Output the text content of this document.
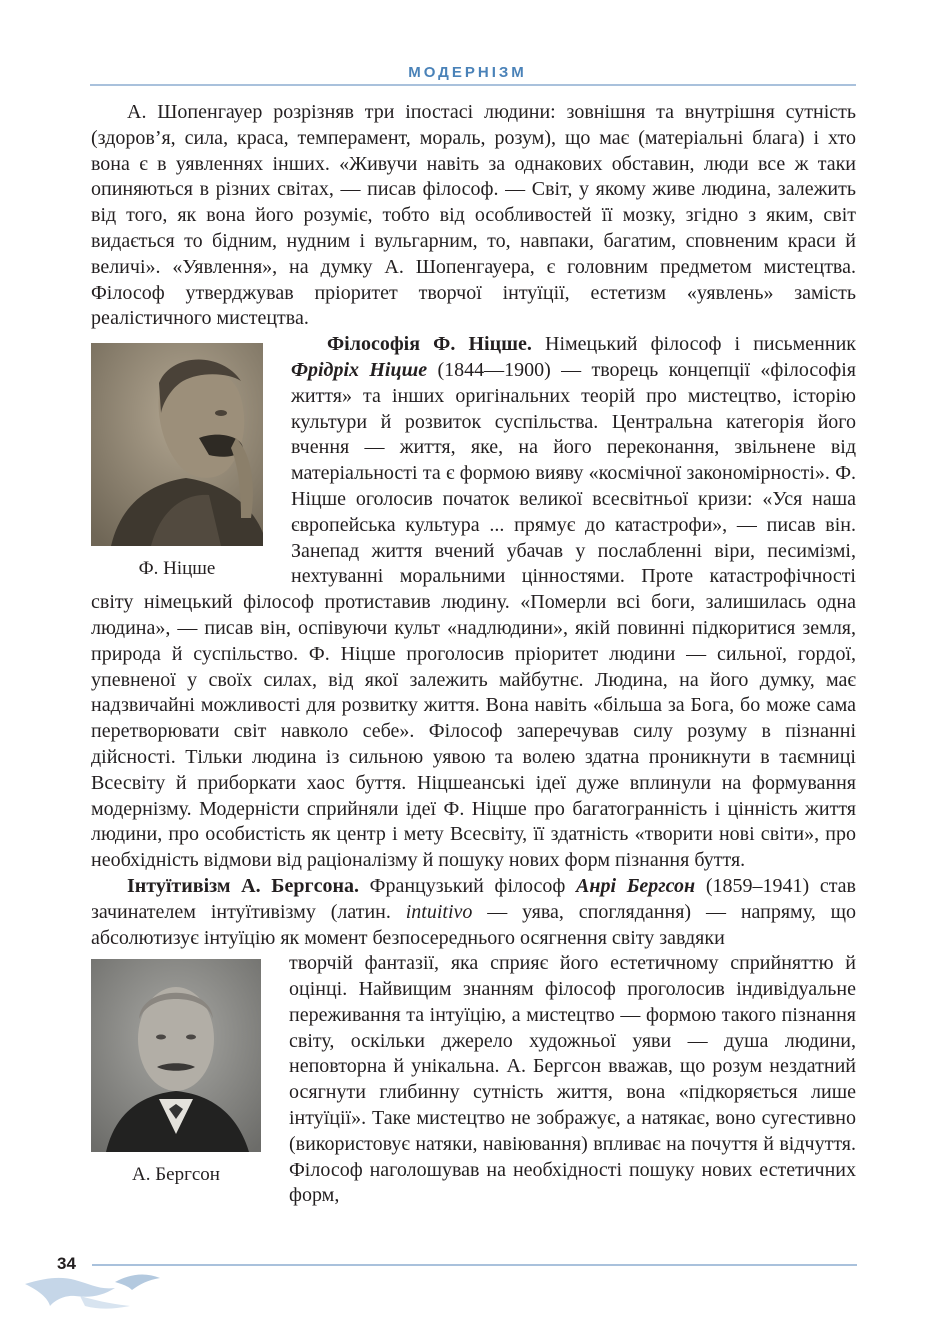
МОДЕРНІЗМ

А. Шопенгауер розрізняв три іпостасі людини: зовнішня та внутрішня сутність (здоров’я, сила, краса, темперамент, мораль, розум), що має (матеріальні блага) і хто вона є в уявленнях інших. «Живучи навіть за однакових обставин, люди все ж таки опиняються в різних світах, — писав філософ. — Світ, у якому живе людина, залежить від того, як вона його розуміє, тобто від особливостей її мозку, згідно з яким, світ видається то бідним, нудним і вульгарним, то, навпаки, багатим, сповненим краси й величі». «Уявлення», на думку А. Шопенгауера, є головним предметом мистецтва. Філософ утверджував пріоритет творчої інтуїції, естетизм «уявлень» замість реалістичного мистецтва.

Ф. Ніцше

Філософія Ф. Ніцше. Німецький філософ і письменник Фрідріх Ніцше (1844—1900) — творець концепції «філософія життя» та інших оригінальних теорій про мистецтво, історію культури й розвиток суспільства. Центральна категорія його вчення — життя, яке, на його переконання, звільнене від матеріальності та є формою вияву «космічної закономірності». Ф. Ніцше оголосив початок великої всесвітньої кризи: «Уся наша європейська культура ... прямує до катастрофи», — писав він. Занепад життя вчений убачав у послабленні віри, песимізмі, нехтуванні моральними цінностями. Проте катастрофічності світу німецький філософ протиставив людину. «Померли всі боги, залишилась одна людина», — писав він, оспівуючи культ «надлюдини», якій повинні підкоритися земля, природа й суспільство. Ф. Ніцше проголосив пріоритет людини — сильної, гордої, упевненої у своїх силах, від якої залежить майбутнє. Людина, на його думку, має надзвичайні можливості для розвитку життя. Вона навіть «більша за Бога, бо може сама перетворювати світ навколо себе». Філософ заперечував силу розуму в пізнанні дійсності. Тільки людина із сильною уявою та волею здатна проникнути в таємниці Всесвіту й приборкати хаос буття. Ніцшеанські ідеї дуже вплинули на формування модернізму. Модерністи сприйняли ідеї Ф. Ніцше про багатогранність і цінність життя людини, про особистість як центр і мету Всесвіту, її здатність «творити нові світи», про необхідність відмови від раціоналізму й пошуку нових форм пізнання буття.

Інтуїтивізм А. Бергсона. Французький філософ Анрі Бергсон (1859–1941) став зачинателем інтуїтивізму (латин. intuitivo — уява, споглядання) — напряму, що абсолютизує інтуїцію як момент безпосереднього осягнення світу завдяки

А. Бергсон

творчій фантазії, яка сприяє його естетичному сприйняттю й оцінці. Найвищим знанням філософ проголосив індивідуальне переживання та інтуїцію, а мистецтво — формою такого пізнання світу, оскільки джерело художньої уяви — душа людини, неповторна й унікальна. А. Бергсон вважав, що розум нездатний осягнути глибинну сутність життя, вона «підкоряється лише інтуїції». Таке мистецтво не зображує, а натякає, воно сугестивно (використовує натяки, навіювання) впливає на почуття й відчуття. Філософ наголошував на необхідності пошуку нових естетичних форм,

34
